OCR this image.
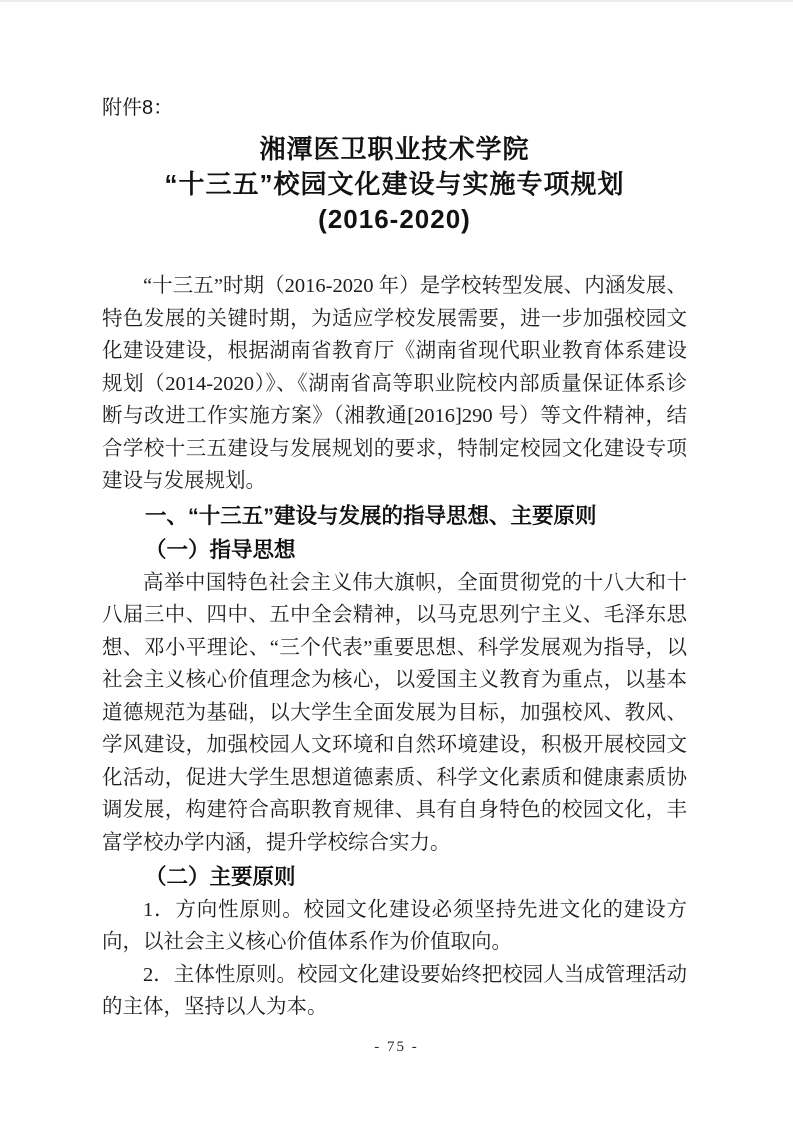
附件8：
湘潭医卫职业技术学院
“十三五”校园文化建设与实施专项规划
(2016-2020)

“十三五”时期（2016-2020 年）是学校转型发展、内涵发展、特色发展的关键时期，为适应学校发展需要，进一步加强校园文化建设建设，根据湖南省教育厅《湖南省现代职业教育体系建设规划（2014-2020）》、《湖南省高等职业院校内部质量保证体系诊断与改进工作实施方案》（湘教通[2016]290 号）等文件精神，结合学校十三五建设与发展规划的要求，特制定校园文化建设专项建设与发展规划。

一、“十三五”建设与发展的指导思想、主要原则
（一）指导思想

高举中国特色社会主义伟大旗帜，全面贯彻党的十八大和十八届三中、四中、五中全会精神，以马克思列宁主义、毛泽东思想、邓小平理论、“三个代表”重要思想、科学发展观为指导，以社会主义核心价值理念为核心，以爱国主义教育为重点，以基本道德规范为基础，以大学生全面发展为目标，加强校风、教风、学风建设，加强校园人文环境和自然环境建设，积极开展校园文化活动，促进大学生思想道德素质、科学文化素质和健康素质协调发展，构建符合高职教育规律、具有自身特色的校园文化，丰富学校办学内涵，提升学校综合实力。

（二）主要原则

1．方向性原则。校园文化建设必须坚持先进文化的建设方向，以社会主义核心价值体系作为价值取向。

2．主体性原则。校园文化建设要始终把校园人当成管理活动的主体，坚持以人为本。

- 75 -
